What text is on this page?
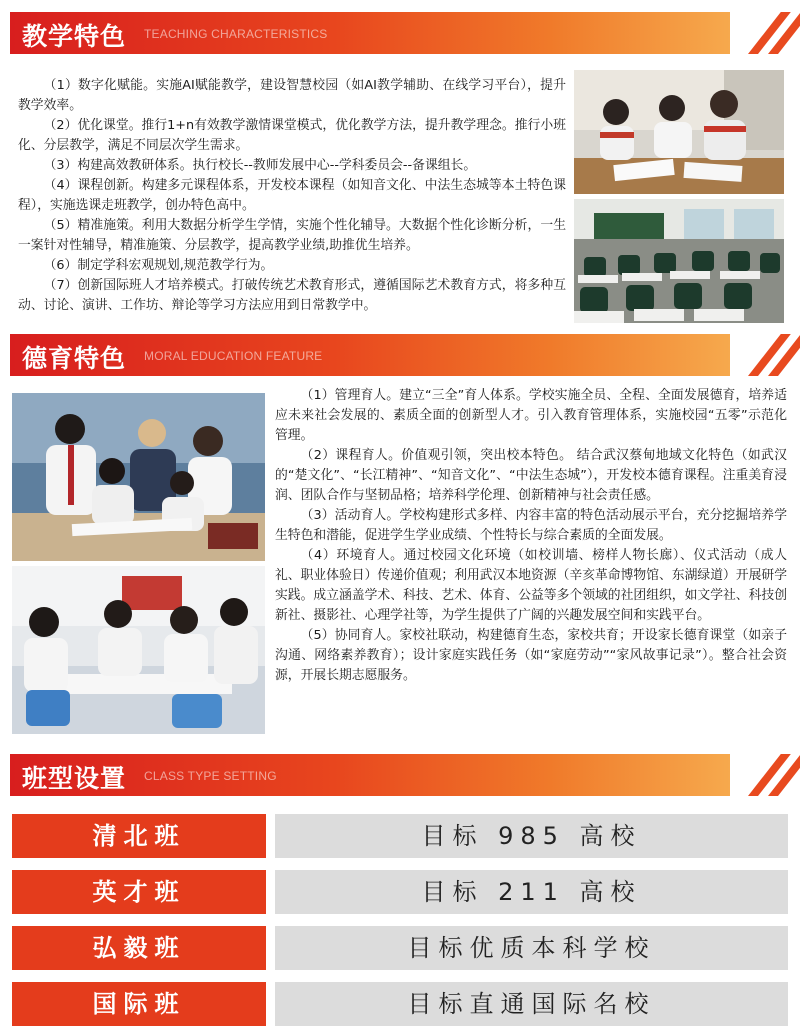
教学特色 TEACHING CHARACTERISTICS

（1）数字化赋能。实施AI赋能教学，建设智慧校园（如AI教学辅助、在线学习平台），提升教学效率。

（2）优化课堂。推行1+n有效教学激情课堂模式，优化教学方法，提升教学理念。推行小班化、分层教学，满足不同层次学生需求。

（3）构建高效教研体系。执行校长--教师发展中心--学科委员会--备课组长。

（4）课程创新。构建多元课程体系，开发校本课程（如知音文化、中法生态城等本土特色课程），实施选课走班教学，创办特色高中。

（5）精准施策。利用大数据分析学生学情，实施个性化辅导。大数据个性化诊断分析，一生一案针对性辅导，精准施策、分层教学，提高教学业绩,助推优生培养。

（6）制定学科宏观规划,规范教学行为。

（7）创新国际班人才培养模式。打破传统艺术教育形式，遵循国际艺术教育方式，将多种互动、讨论、演讲、工作坊、辩论等学习方法应用到日常教学中。

德育特色 MORAL EDUCATION FEATURE

（1）管理育人。建立“三全”育人体系。学校实施全员、全程、全面发展德育，培养适应未来社会发展的、素质全面的创新型人才。引入教育管理体系，实施校园“五零”示范化管理。

（2）课程育人。价值观引领，突出校本特色。 结合武汉蔡甸地域文化特色（如武汉的“楚文化”、“长江精神”、“知音文化”、“中法生态城”），开发校本德育课程。注重美育浸润、团队合作与坚韧品格；培养科学伦理、创新精神与社会责任感。

（3）活动育人。学校构建形式多样、内容丰富的特色活动展示平台，充分挖掘培养学生特色和潜能，促进学生学业成绩、个性特长与综合素质的全面发展。

（4）环境育人。通过校园文化环境（如校训墙、榜样人物长廊）、仪式活动（成人礼、职业体验日）传递价值观；利用武汉本地资源（辛亥革命博物馆、东湖绿道）开展研学实践。成立涵盖学术、科技、艺术、体育、公益等多个领域的社团组织，如文学社、科技创新社、摄影社、心理学社等，为学生提供了广阔的兴趣发展空间和实践平台。

（5）协同育人。家校社联动，构建德育生态，家校共育；开设家长德育课堂（如亲子沟通、网络素养教育）；设计家庭实践任务（如“家庭劳动”“家风故事记录”）。整合社会资源，开展长期志愿服务。

班型设置 CLASS TYPE SETTING
清北班	目标 985 高校
英才班	目标 211 高校
弘毅班	目标优质本科学校
国际班	目标直通国际名校
